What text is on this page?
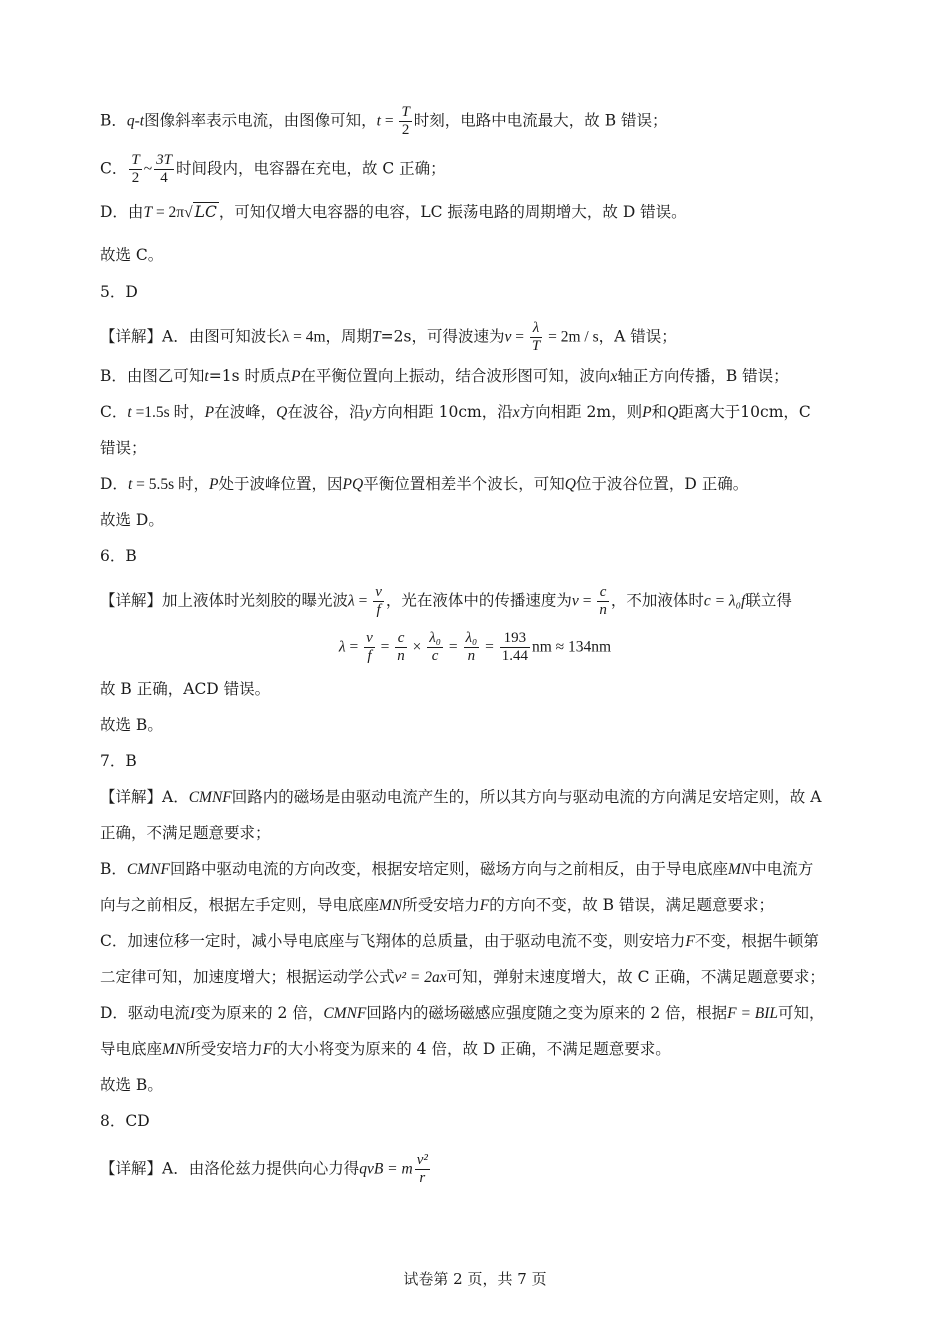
B．q-t图像斜率表示电流，由图像可知，$t = \frac{T}{2}$ 时刻，电路中电流最大，故 B 错误；
C． $\frac{T}{2}$ ~ $\frac{3T}{4}$ 时间段内，电容器在充电，故 C 正确；
D．由T = 2π√ LC ，可知仅增大电容器的电容，LC 振荡电路的周期增大，故 D 错误。
故选 C。
5．D
【详解】A．由图可知波长λ = 4m，周期T=2s，可得波速为$v = \frac{\lambda}{T} = 2m / s$，A 错误；
B．由图乙可知t=1s 时质点P在平衡位置向上振动，结合波形图可知，波向x轴正方向传播，B 错误；
C．t =1.5s 时，P在波峰，Q在波谷，沿y方向相距 10cm，沿x方向相距 2m，则P和Q距离大于10cm，C
错误；
D．t = 5.5s 时，P处于波峰位置，因PQ平衡位置相差半个波长，可知Q位于波谷位置，D 正确。
故选 D。
6．B
【详解】加上液体时光刻胶的曝光波$\lambda = \frac{v}{f}$ ，光在液体中的传播速度为$v = \frac{c}{n}$ ，不加液体时c = λ₀f联立得
$\lambda = \frac{v}{f} = \frac{c}{n} \times \frac{\text{λ₀}}{c} = \frac{\text{λ₀}}{n} = \frac{193}{1.44}$ nm ≈ 134nm
故 B 正确，ACD 错误。
故选 B。
7．B
【详解】A．CMNF回路内的磁场是由驱动电流产生的，所以其方向与驱动电流的方向满足安培定则，故 A
正确，不满足题意要求；
B．CMNF回路中驱动电流的方向改变，根据安培定则，磁场方向与之前相反，由于导电底座MN中电流方
向与之前相反，根据左手定则，导电底座MN所受安培力F的方向不变，故 B 错误，满足题意要求；
C．加速位移一定时，减小导电底座与飞翔体的总质量，由于驱动电流不变，则安培力F不变，根据牛顿第
二定律可知，加速度增大；根据运动学公式v² = 2ax可知，弹射末速度增大，故 C 正确，不满足题意要求；
D．驱动电流I变为原来的 2 倍，CMNF回路内的磁场磁感应强度随之变为原来的 2 倍，根据F = BIL可知，
导电底座MN所受安培力F的大小将变为原来的 4 倍，故 D 正确，不满足题意要求。
故选 B。
8．CD
【详解】A．由洛伦兹力提供向心力得qvB = m $\frac{\text{v²}}{r}$
试卷第 2 页，共 7 页
